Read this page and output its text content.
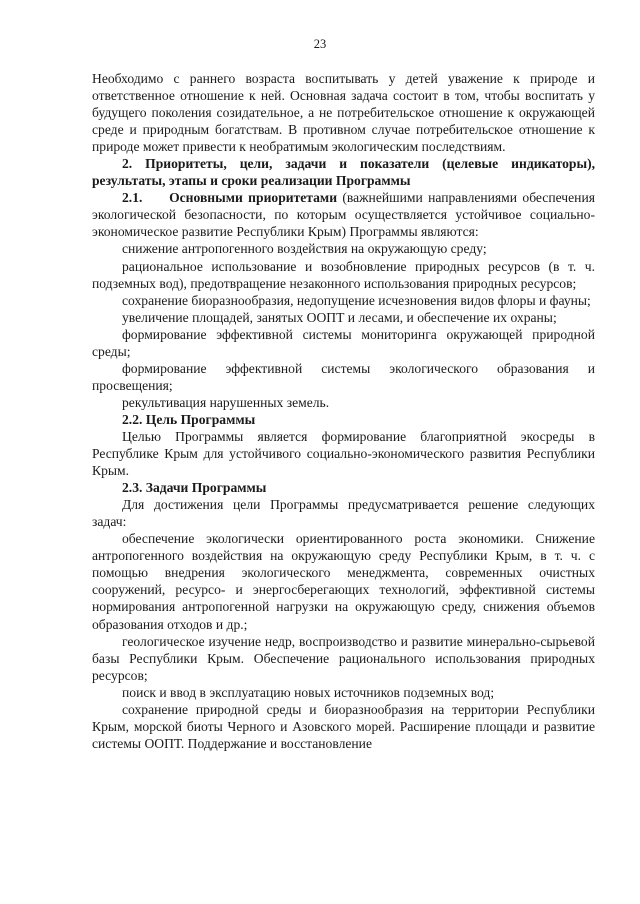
23

Необходимо с раннего возраста воспитывать у детей уважение к природе и ответственное отношение к ней. Основная задача состоит в том, чтобы воспитать у будущего поколения созидательное, а не потребительское отношение к окружающей среде и природным богатствам. В противном случае потребительское отношение к природе может привести к необратимым экологическим последствиям.

2. Приоритеты, цели, задачи и показатели (целевые индикаторы), результаты, этапы и сроки реализации Программы

2.1. Основными приоритетами (важнейшими направлениями обеспечения экологической безопасности, по которым осуществляется устойчивое социально-экономическое развитие Республики Крым) Программы являются:

снижение антропогенного воздействия на окружающую среду;

рациональное использование и возобновление природных ресурсов (в т. ч. подземных вод), предотвращение незаконного использования природных ресурсов;

сохранение биоразнообразия, недопущение исчезновения видов флоры и фауны;

увеличение площадей, занятых ООПТ и лесами, и обеспечение их охраны;

формирование эффективной системы мониторинга окружающей природной среды;

формирование эффективной системы экологического образования и просвещения;

рекультивация нарушенных земель.

2.2. Цель Программы

Целью Программы является формирование благоприятной экосреды в Республике Крым для устойчивого социально-экономического развития Республики Крым.

2.3. Задачи Программы

Для достижения цели Программы предусматривается решение следующих задач:

обеспечение экологически ориентированного роста экономики. Снижение антропогенного воздействия на окружающую среду Республики Крым, в т. ч. с помощью внедрения экологического менеджмента, современных очистных сооружений, ресурсо- и энергосберегающих технологий, эффективной системы нормирования антропогенной нагрузки на окружающую среду, снижения объемов образования отходов и др.;

геологическое изучение недр, воспроизводство и развитие минерально-сырьевой базы Республики Крым. Обеспечение рационального использования природных ресурсов;

поиск и ввод в эксплуатацию новых источников подземных вод;

сохранение природной среды и биоразнообразия на территории Республики Крым, морской биоты Черного и Азовского морей. Расширение площади и развитие системы ООПТ. Поддержание и восстановление
